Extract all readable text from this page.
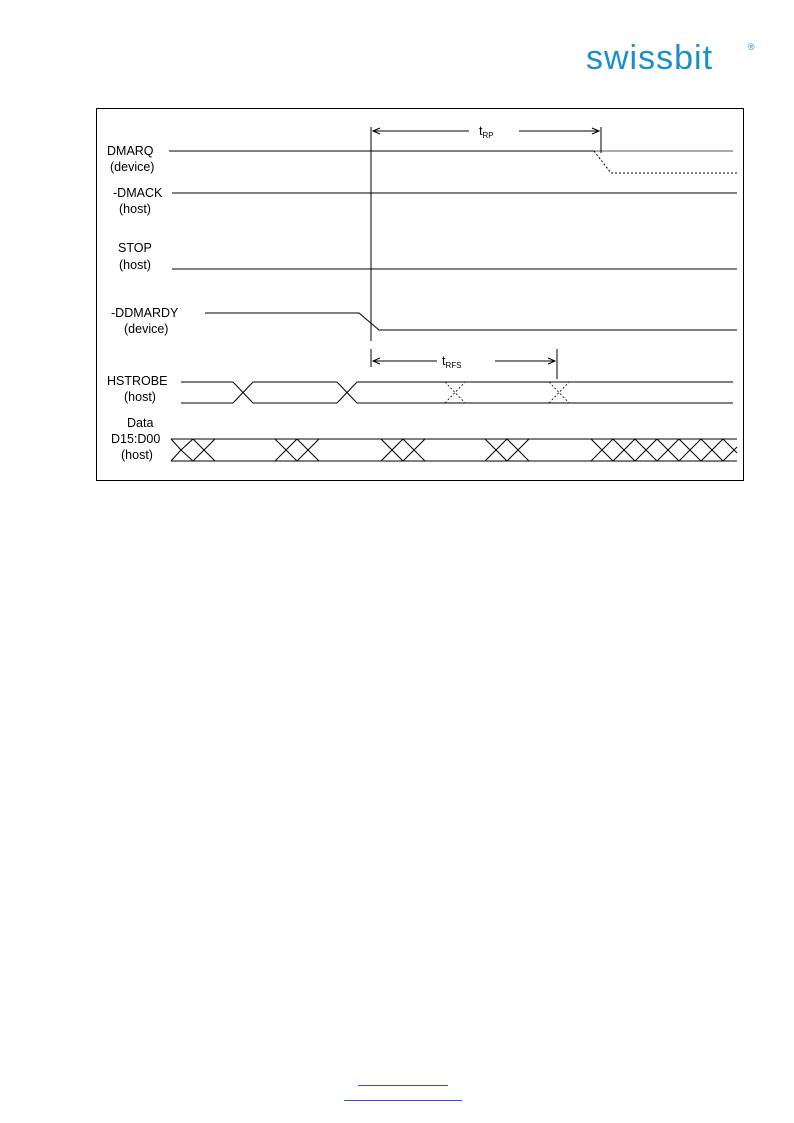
swissbit	®
DMARQ
(device)
-DMACK
(host)
STOP
(host)
-DDMARDY
(device)
HSTROBE
(host)
Data
D15:D00
(host)
$t_{RP}$
$t_{RFS}$
